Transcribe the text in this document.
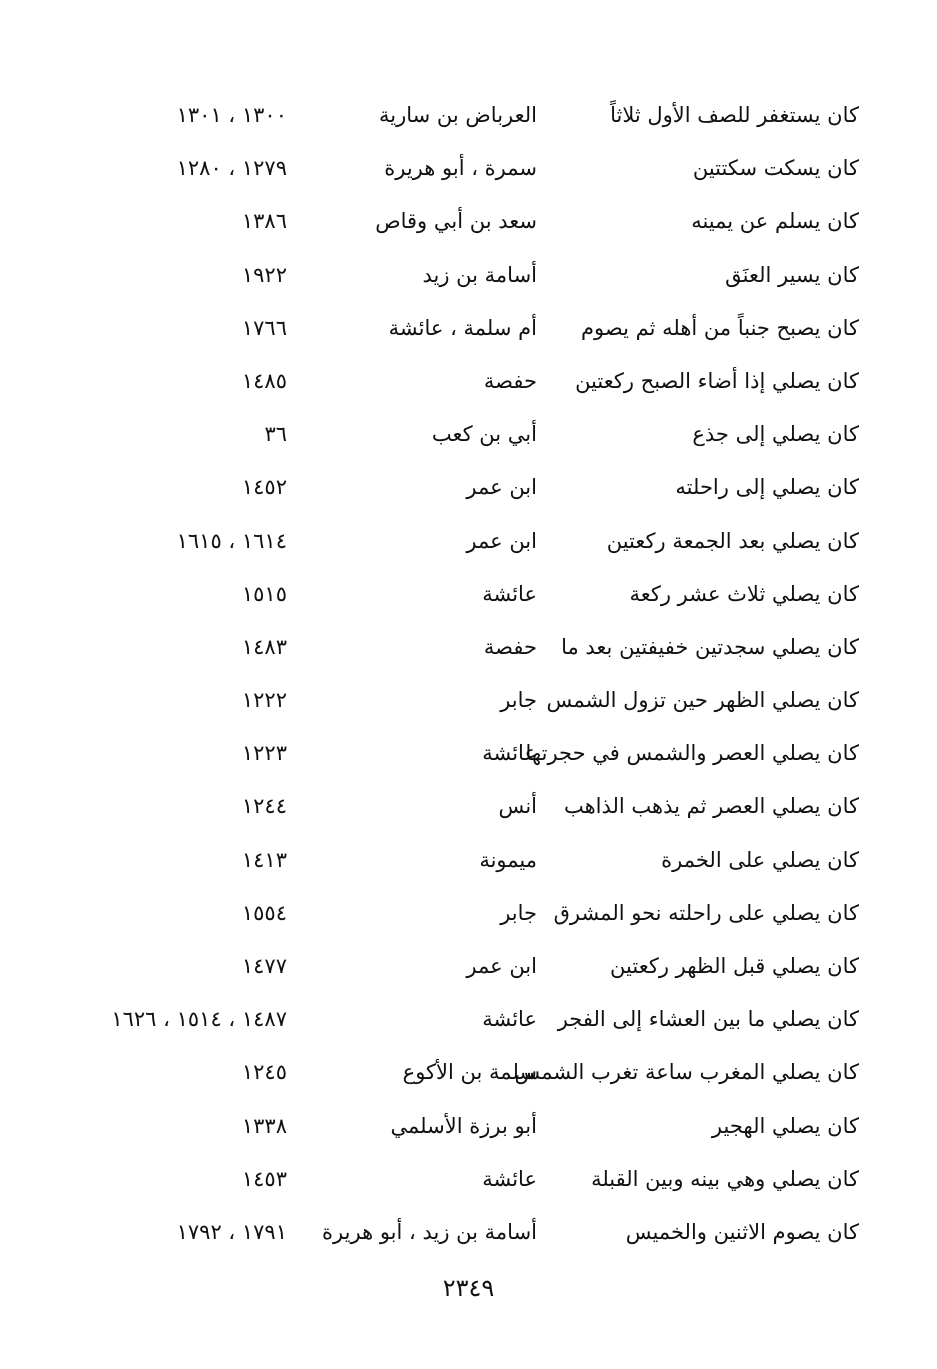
كان يستغفر للصف الأول ثلاثاً
العرباض بن سارية
١٣٠٠ ، ١٣٠١
كان يسكت سكتتين
سمرة ، أبو هريرة
١٢٧٩ ، ١٢٨٠
كان يسلم عن يمينه
سعد بن أبي وقاص
١٣٨٦
كان يسير العنَق
أسامة بن زيد
١٩٢٢
كان يصبح جنباً من أهله ثم يصوم
أم سلمة ، عائشة
١٧٦٦
كان يصلي إذا أضاء الصبح ركعتين
حفصة
١٤٨٥
كان يصلي إلى جذع
أبي بن كعب
٣٦
كان يصلي إلى راحلته
ابن عمر
١٤٥٢
كان يصلي بعد الجمعة ركعتين
ابن عمر
١٦١٤ ، ١٦١٥
كان يصلي ثلاث عشر ركعة
عائشة
١٥١٥
كان يصلي سجدتين خفيفتين بعد ما
حفصة
١٤٨٣
كان يصلي الظهر حين تزول الشمس
جابر
١٢٢٢
كان يصلي العصر والشمس في حجرتها
عائشة
١٢٢٣
كان يصلي العصر ثم يذهب الذاهب
أنس
١٢٤٤
كان يصلي على الخمرة
ميمونة
١٤١٣
كان يصلي على راحلته نحو المشرق
جابر
١٥٥٤
كان يصلي قبل الظهر ركعتين
ابن عمر
١٤٧٧
كان يصلي ما بين العشاء إلى الفجر
عائشة
١٤٨٧ ، ١٥١٤ ، ١٦٢٦
كان يصلي المغرب ساعة تغرب الشمس
سلمة بن الأكوع
١٢٤٥
كان يصلي الهجير
أبو برزة الأسلمي
١٣٣٨
كان يصلي وهي بينه وبين القبلة
عائشة
١٤٥٣
كان يصوم الاثنين والخميس
أسامة بن زيد ، أبو هريرة
١٧٩١ ، ١٧٩٢
٢٣٤٩
